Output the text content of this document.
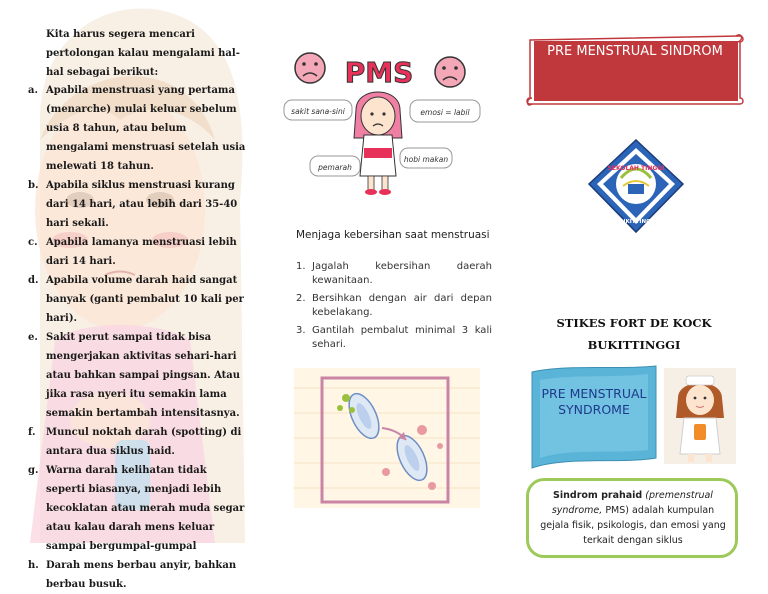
Kita harus segera mencari pertolongan kalau mengalami hal-hal sebagai berikut:
a. Apabila menstruasi yang pertama (menarche) mulai keluar sebelum usia 8 tahun, atau belum mengalami menstruasi setelah usia melewati 18 tahun.
b. Apabila siklus menstruasi kurang dari 14 hari, atau lebih dari 35-40 hari sekali.
c. Apabila lamanya menstruasi lebih dari 14 hari.
d. Apabila volume darah haid sangat banyak (ganti pembalut 10 kali per hari).
e. Sakit perut sampai tidak bisa mengerjakan aktivitas sehari-hari atau bahkan sampai pingsan. Atau jika rasa nyeri itu semakin lama semakin bertambah intensitasnya.
f. Muncul noktah darah (spotting) di antara dua siklus haid.
g. Warna darah kelihatan tidak seperti biasanya, menjadi lebih kecoklatan atau merah muda segar atau kalau darah mens keluar sampai bergumpal-gumpal
h. Darah mens berbau anyir, bahkan berbau busuk.
PMS
sakit sana-sini	emosi = labil
pemarah
hobi makan
Menjaga kebersihan saat menstruasi
1. Jagalah kebersihan daerah kewanitaan.
2. Bersihkan dengan air dari depan kebelakang.
3. Gantilah pembalut minimal 3 kali sehari.
PRE MENSTRUAL SINDROM
SEKOLAH TINGGI
BUKITTINGGI
STIKES FORT DE KOCK
BUKITTINGGI
PRE MENSTRUAL SYNDROME
Sindrom prahaid (premenstrual syndrome, PMS) adalah kumpulan gejala fisik, psikologis, dan emosi yang terkait dengan siklus
